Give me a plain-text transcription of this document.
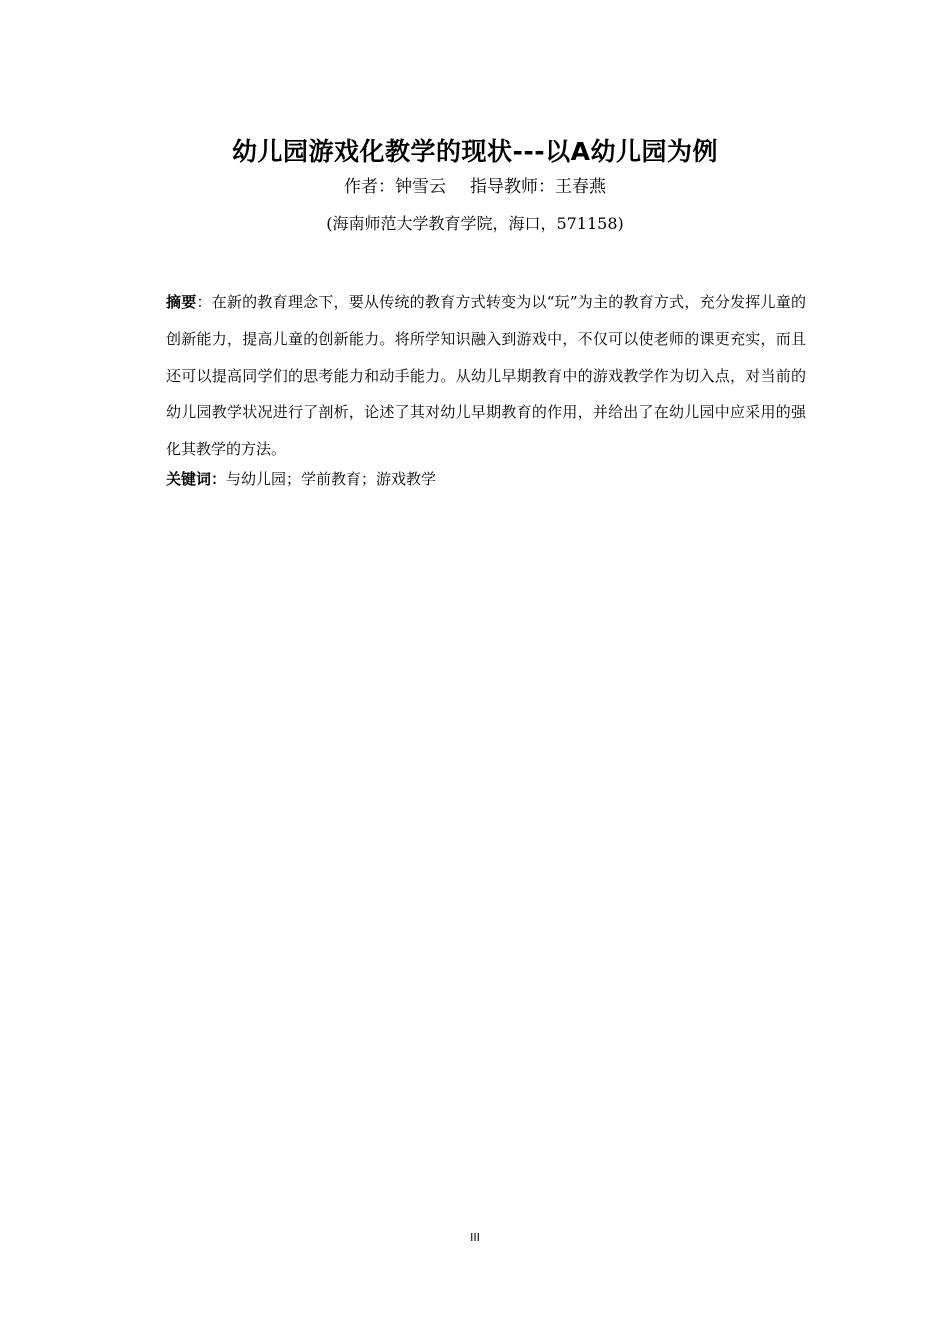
幼儿园游戏化教学的现状---以A幼儿园为例
作者：钟雪云 指导教师：王春燕
(海南师范大学教育学院，海口，571158)
摘要：在新的教育理念下，要从传统的教育方式转变为以“玩”为主的教育方式，充分发挥儿童的创新能力，提高儿童的创新能力。将所学知识融入到游戏中，不仅可以使老师的课更充实，而且还可以提高同学们的思考能力和动手能力。从幼儿早期教育中的游戏教学作为切入点，对当前的幼儿园教学状况进行了剖析，论述了其对幼儿早期教育的作用，并给出了在幼儿园中应采用的强化其教学的方法。
关键词：与幼儿园；学前教育；游戏教学
III
